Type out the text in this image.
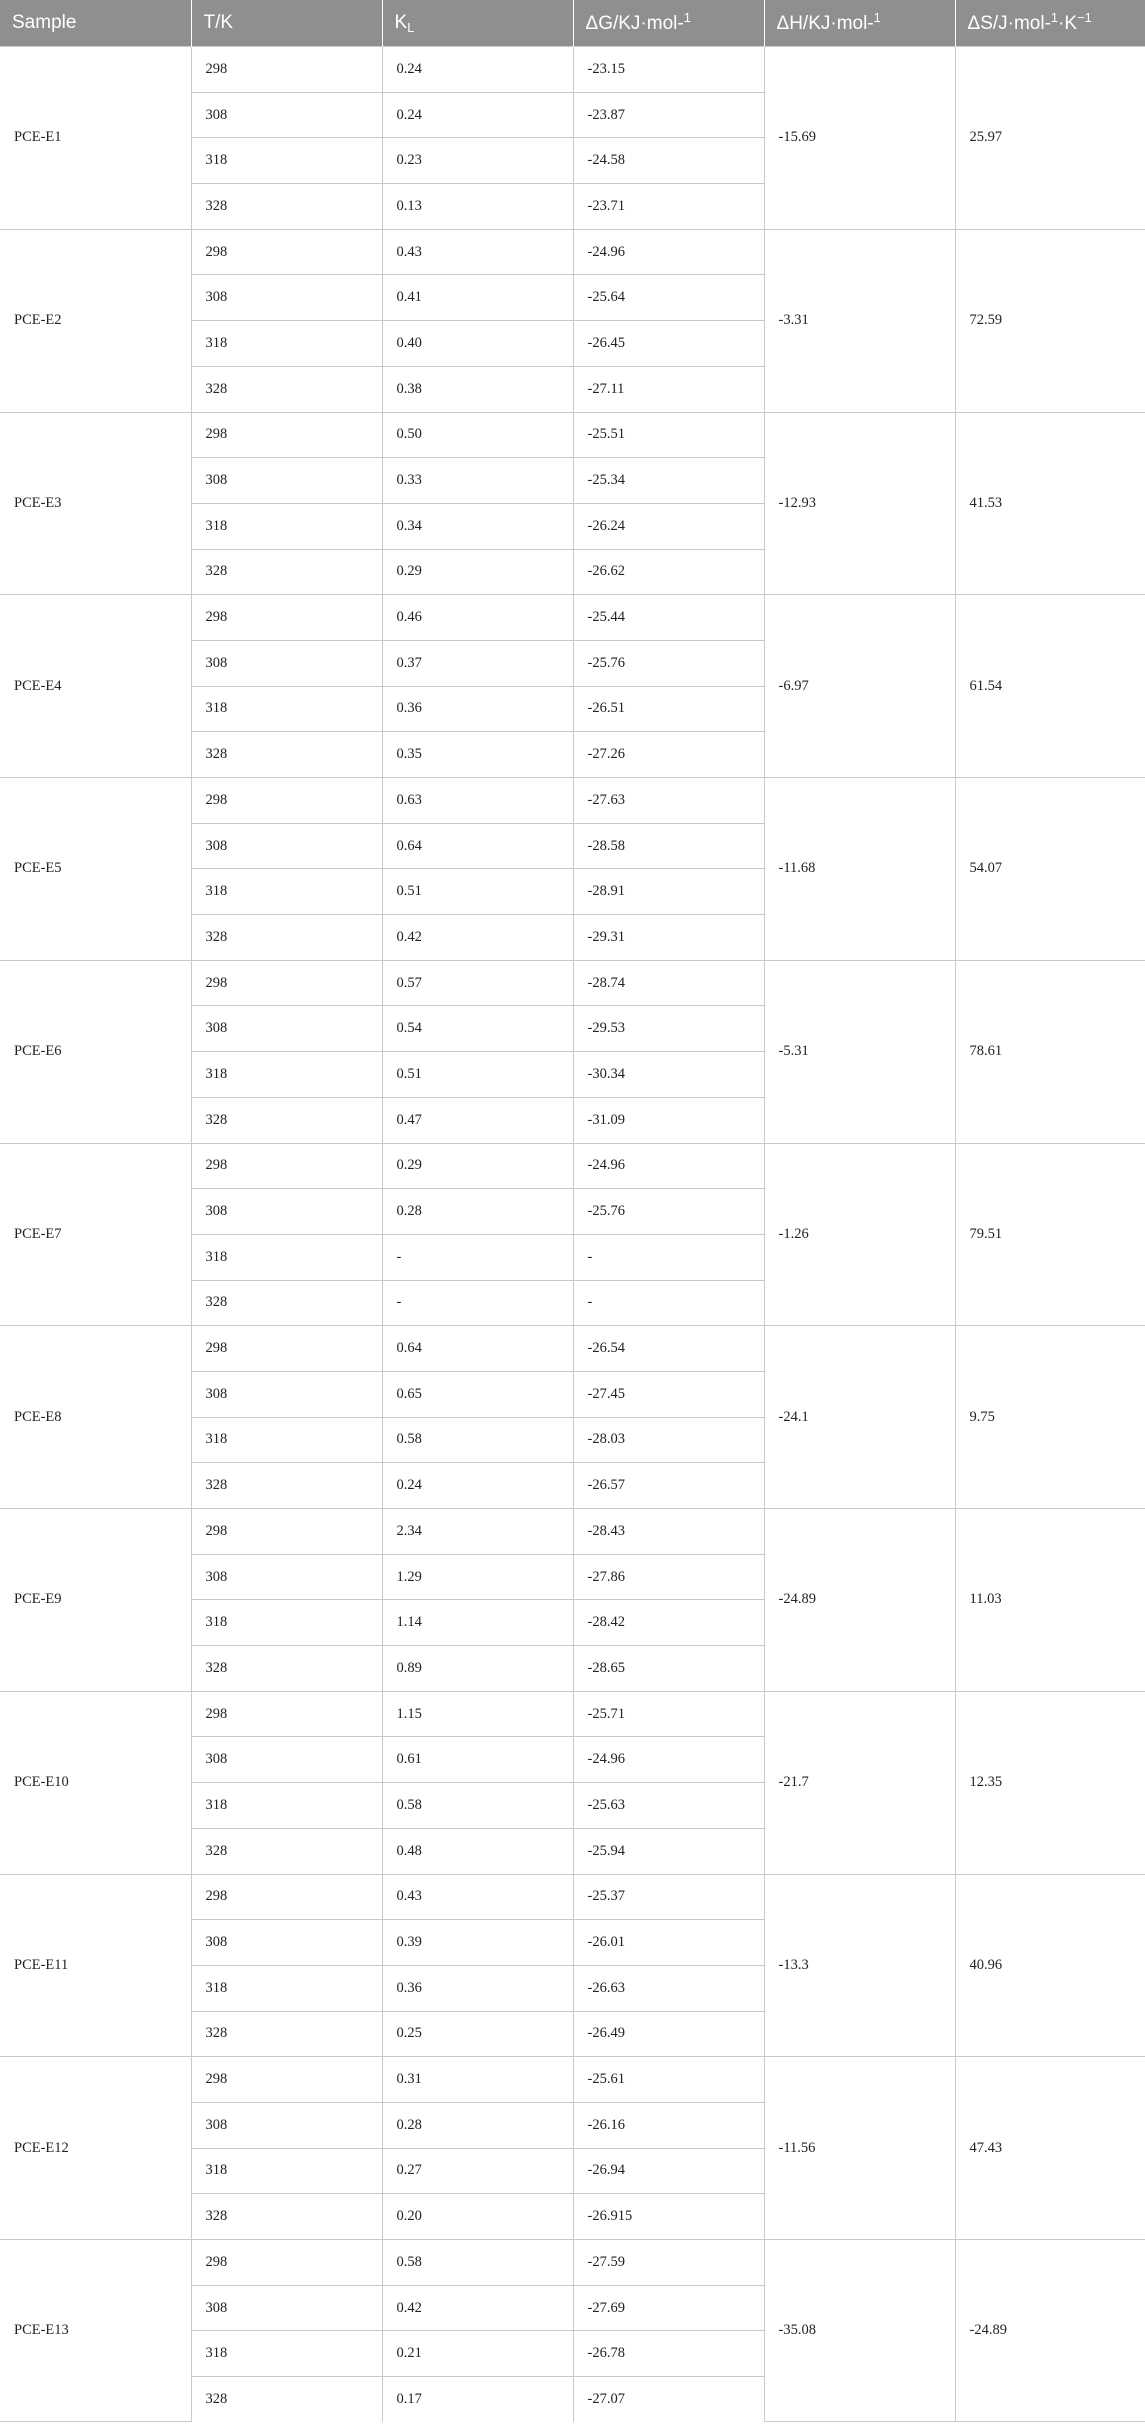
Sample	T/K	$K_L$	ΔG/KJ·mol-$^1$	ΔH/KJ·mol-$^1$	$\Delta S/J\cdot mol-^1\cdot K^{-1}$
PCE-E1	298	0.24	-23.15	-15.69	25.97
	308	0.24	-23.87		
	318	0.23	-24.58		
	328	0.13	-23.71		
PCE-E2	298	0.43	-24.96	-3.31	72.59
	308	0.41	-25.64		
	318	0.40	-26.45		
	328	0.38	-27.11		
PCE-E3	298	0.50	-25.51	-12.93	41.53
	308	0.33	-25.34		
	318	0.34	-26.24		
	328	0.29	-26.62		
PCE-E4	298	0.46	-25.44	-6.97	61.54
	308	0.37	-25.76		
	318	0.36	-26.51		
	328	0.35	-27.26		
PCE-E5	298	0.63	-27.63	-11.68	54.07
	308	0.64	-28.58		
	318	0.51	-28.91		
	328	0.42	-29.31		
PCE-E6	298	0.57	-28.74	-5.31	78.61
	308	0.54	-29.53		
	318	0.51	-30.34		
	328	0.47	-31.09		
PCE-E7	298	0.29	-24.96	-1.26	79.51
	308	0.28	-25.76		
	318	-	-		
	328	-	-		
PCE-E8	298	0.64	-26.54	-24.1	9.75
	308	0.65	-27.45		
	318	0.58	-28.03		
	328	0.24	-26.57		
PCE-E9	298	2.34	-28.43	-24.89	11.03
	308	1.29	-27.86		
	318	1.14	-28.42		
	328	0.89	-28.65		
PCE-E10	298	1.15	-25.71	-21.7	12.35
	308	0.61	-24.96		
	318	0.58	-25.63		
	328	0.48	-25.94		
PCE-E11	298	0.43	-25.37	-13.3	40.96
	308	0.39	-26.01		
	318	0.36	-26.63		
	328	0.25	-26.49		
PCE-E12	298	0.31	-25.61	-11.56	47.43
	308	0.28	-26.16		
	318	0.27	-26.94		
	328	0.20	-26.915		
PCE-E13	298	0.58	-27.59	-35.08	-24.89
	308	0.42	-27.69		
	318	0.21	-26.78		
	328	0.17	-27.07		
